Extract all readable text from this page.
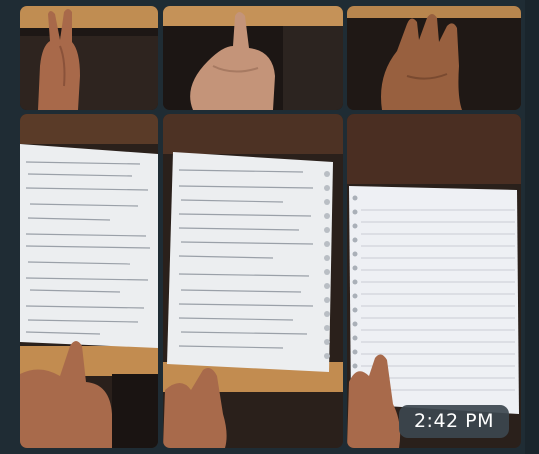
2:42 PM
